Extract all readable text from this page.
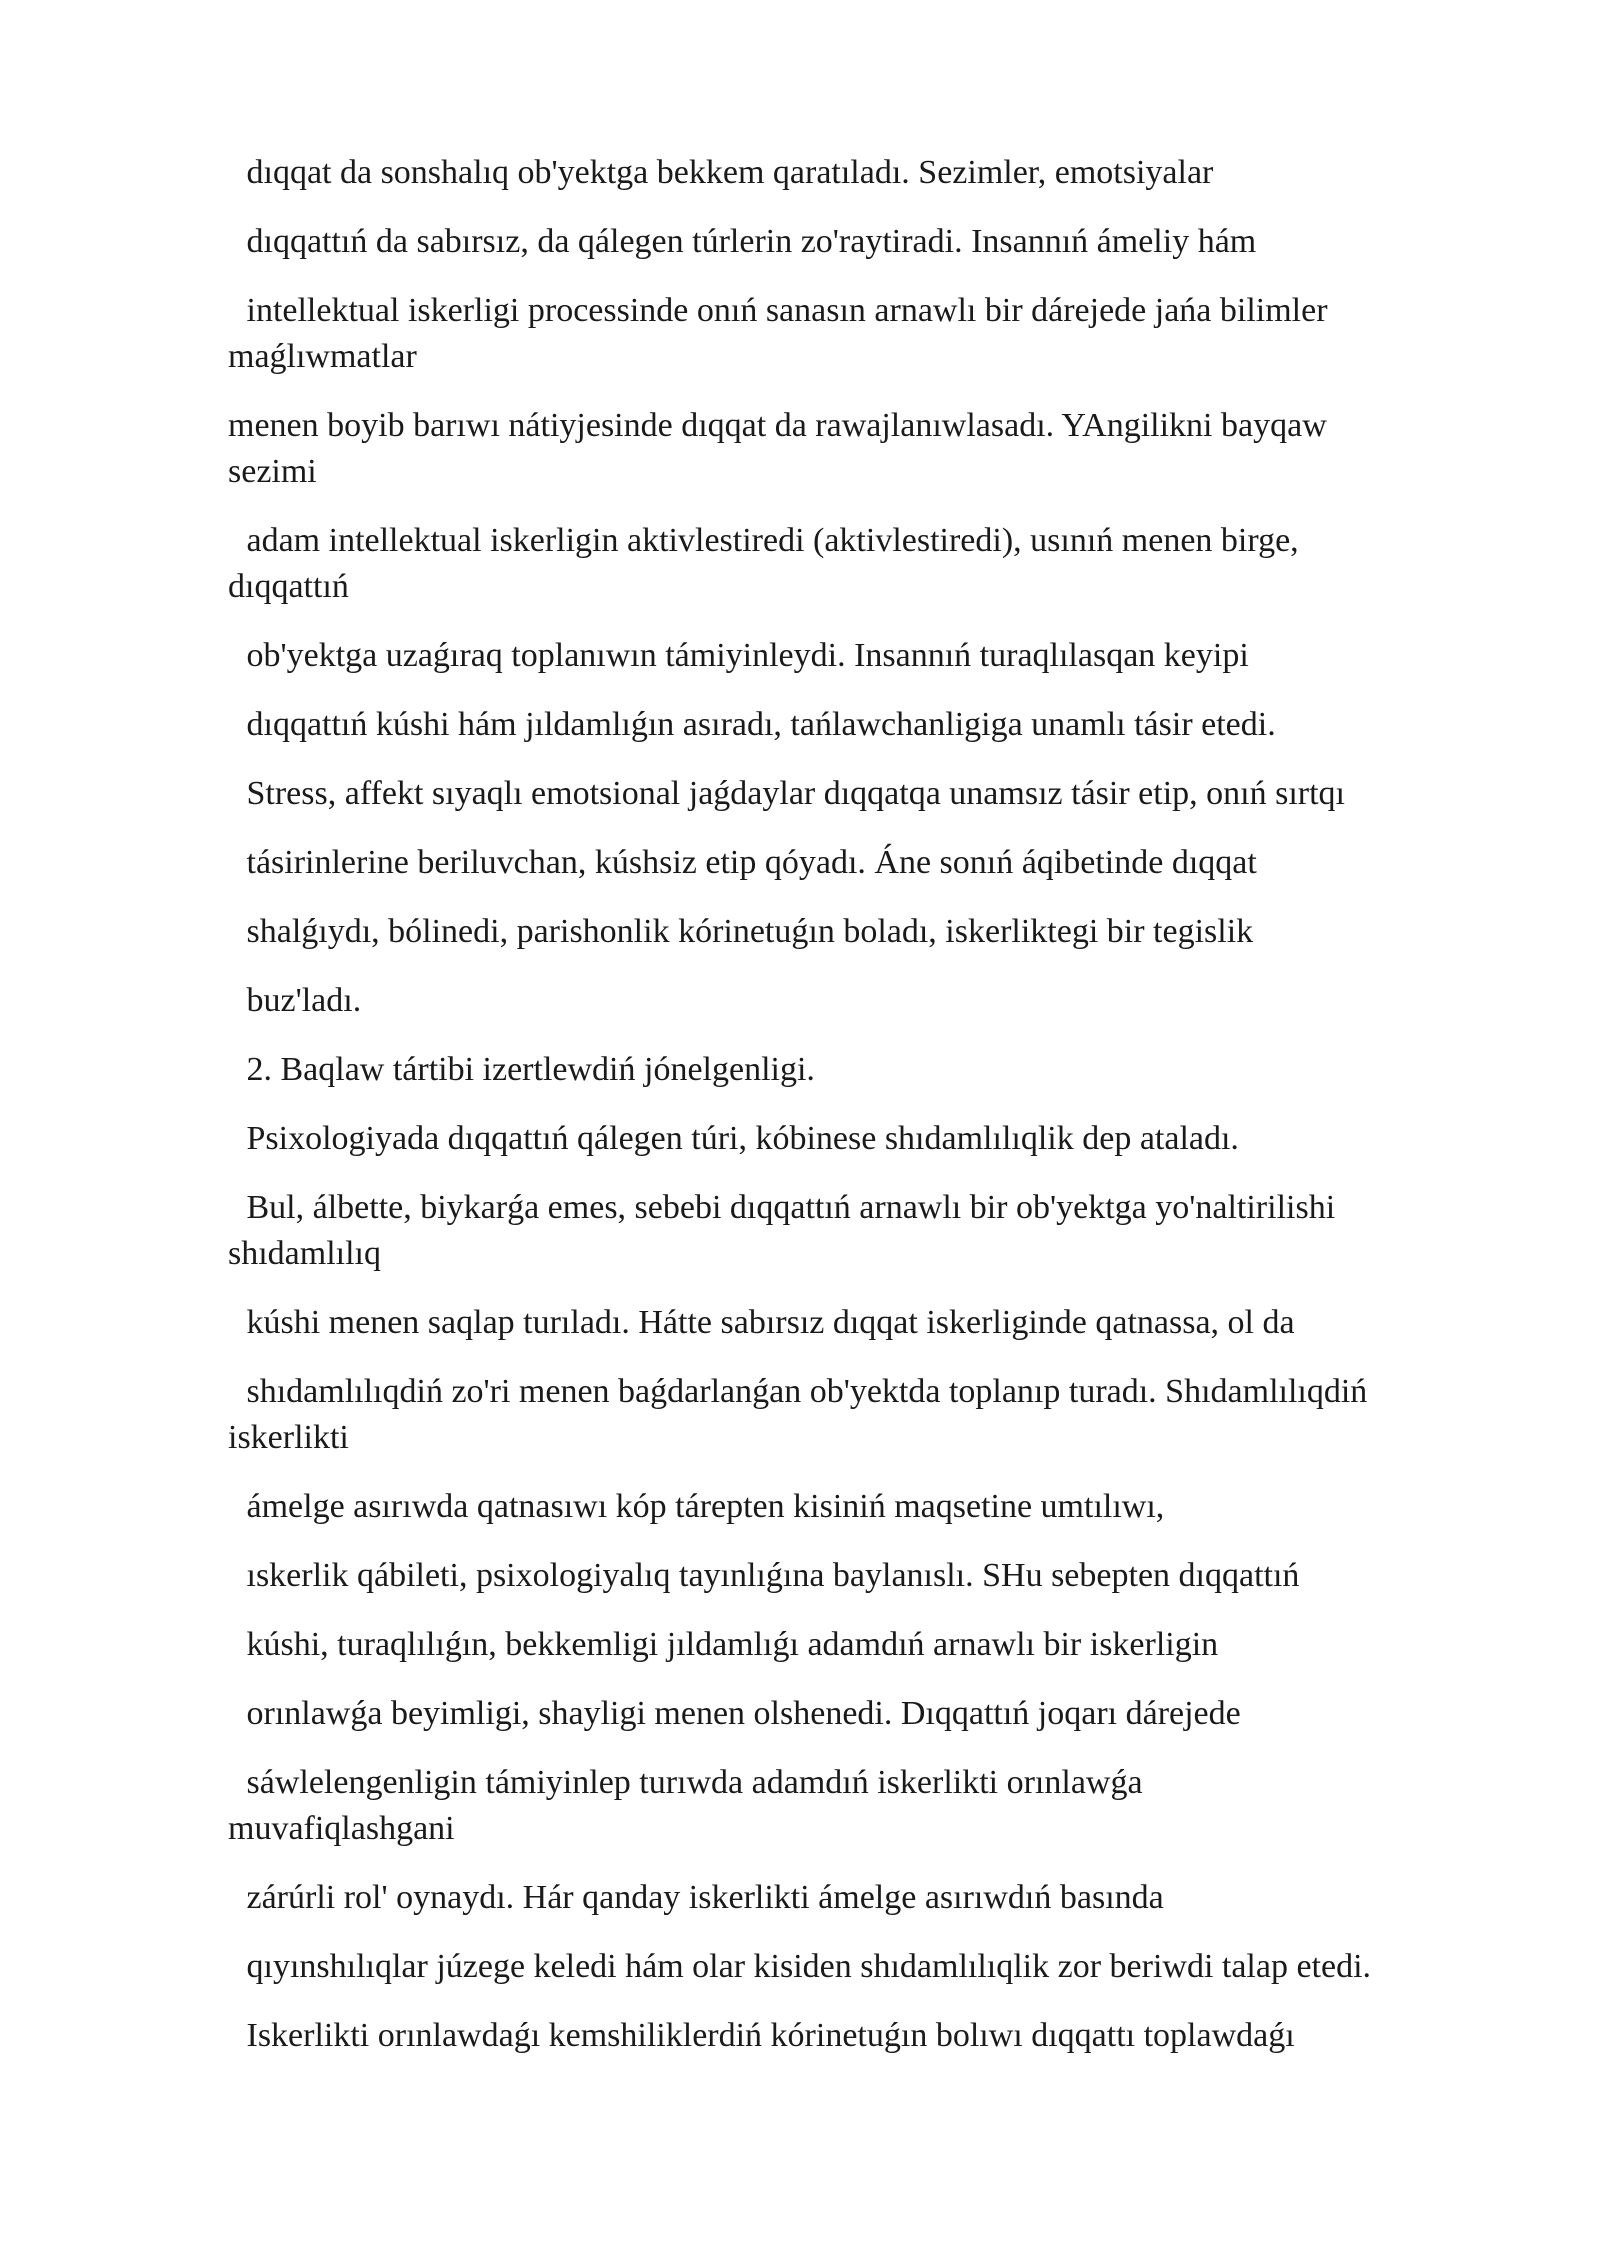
dıqqat da sonshalıq ob'yektga bekkem qaratıladı. Sezimler, emotsiyalar

dıqqattıń da sabırsız, da qálegen túrlerin zo'raytiradi. Insannıń ámeliy hám

intellektual iskerligi processinde onıń sanasın arnawlı bir dárejede jańa bilimler

maǵlıwmatlar

menen boyib barıwı nátiyjesinde dıqqat da rawajlanıwlasadı. YAngilikni bayqaw

sezimi

adam intellektual iskerligin aktivlestiredi (aktivlestiredi), usınıń menen birge,

dıqqattıń

ob'yektga uzaǵıraq toplanıwın támiyinleydi. Insannıń turaqlılasqan keyipi

dıqqattıń kúshi hám jıldamlıǵın asıradı, tańlawchanligiga unamlı tásir etedi.

Stress, affekt sıyaqlı emotsional jaǵdaylar dıqqatqa unamsız tásir etip, onıń sırtqı

tásirinlerine beriluvchan, kúshsiz etip qóyadı. Áne sonıń áqibetinde dıqqat

shalǵıydı, bólinedi, parishonlik kórinetuǵın boladı, iskerliktegi bir tegislik

buz'ladı.

2. Baqlaw tártibi izertlewdiń jónelgenligi.

Psixologiyada dıqqattıń qálegen túri, kóbinese shıdamlılıqlik dep ataladı.

Bul, álbette, biykarǵa emes, sebebi dıqqattıń arnawlı bir ob'yektga yo'naltirilishi

shıdamlılıq

kúshi menen saqlap turıladı. Hátte sabırsız dıqqat iskerliginde qatnassa, ol da

shıdamlılıqdiń zo'ri menen baǵdarlanǵan ob'yektda toplanıp turadı. Shıdamlılıqdiń

iskerlikti

ámelge asırıwda qatnasıwı kóp tárepten kisiniń maqsetine umtılıwı,

ıskerlik qábileti, psixologiyalıq tayınlıǵına baylanıslı. SHu sebepten dıqqattıń

kúshi, turaqlılıǵın, bekkemligi jıldamlıǵı adamdıń arnawlı bir iskerligin

orınlawǵa beyimligi, shayligi menen olshenedi. Dıqqattıń joqarı dárejede

sáwlelengenligin támiyinlep turıwda adamdıń iskerlikti orınlawǵa

muvafiqlashgani

zárúrli rol' oynaydı. Hár qanday iskerlikti ámelge asırıwdıń basında

qıyınshılıqlar júzege keledi hám olar kisiden shıdamlılıqlik zor beriwdi talap etedi.

Iskerlikti orınlawdaǵı kemshiliklerdiń kórinetuǵın bolıwı dıqqattı toplawdaǵı
